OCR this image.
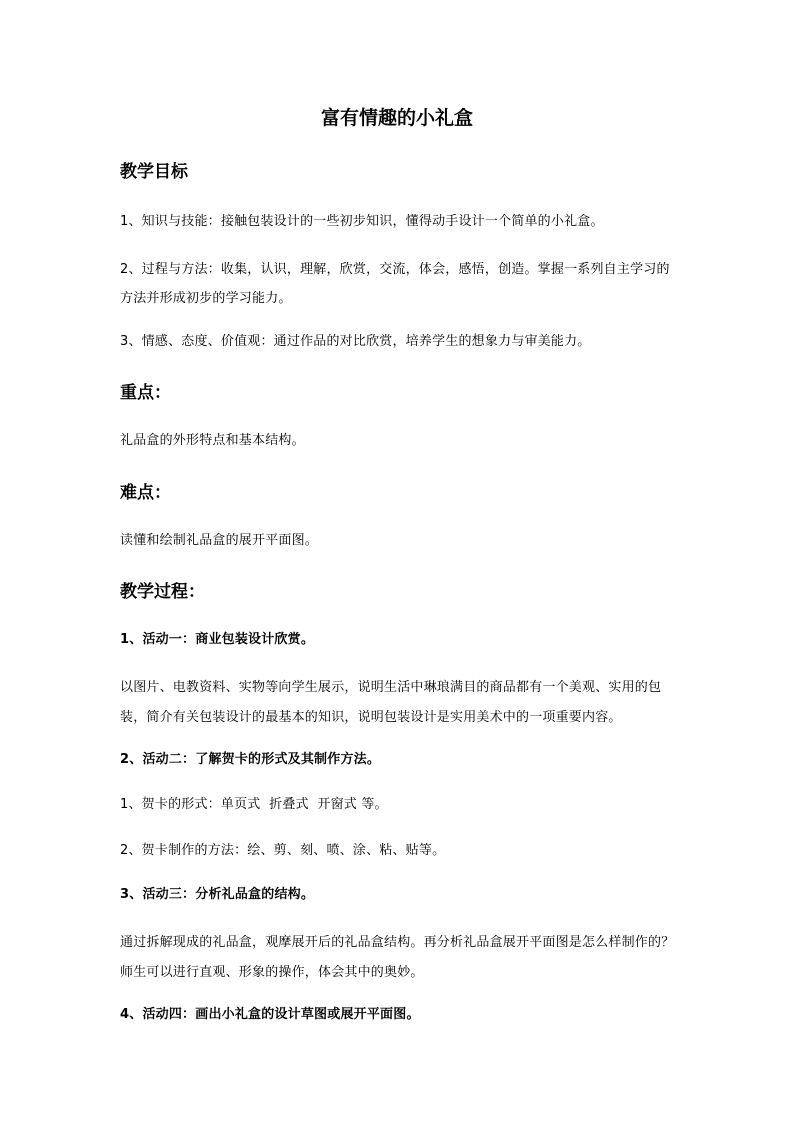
富有情趣的小礼盒
教学目标
1、知识与技能：接触包装设计的一些初步知识，懂得动手设计一个简单的小礼盒。
2、过程与方法：收集，认识，理解，欣赏，交流，体会，感悟，创造。掌握一系列自主学习的方法并形成初步的学习能力。
3、情感、态度、价值观：通过作品的对比欣赏，培养学生的想象力与审美能力。
重点：
礼品盒的外形特点和基本结构。
难点：
读懂和绘制礼品盒的展开平面图。
教学过程：
1、活动一：商业包装设计欣赏。
以图片、电教资料、实物等向学生展示，说明生活中琳琅满目的商品都有一个美观、实用的包装，简介有关包装设计的最基本的知识，说明包装设计是实用美术中的一项重要内容。
2、活动二：了解贺卡的形式及其制作方法。
1、贺卡的形式：单页式  折叠式  开窗式 等。
2、贺卡制作的方法：绘、剪、刻、喷、涂、粘、贴等。
3、活动三：分析礼品盒的结构。
通过拆解现成的礼品盒，观摩展开后的礼品盒结构。再分析礼品盒展开平面图是怎么样制作的？师生可以进行直观、形象的操作，体会其中的奥妙。
4、活动四：画出小礼盒的设计草图或展开平面图。
